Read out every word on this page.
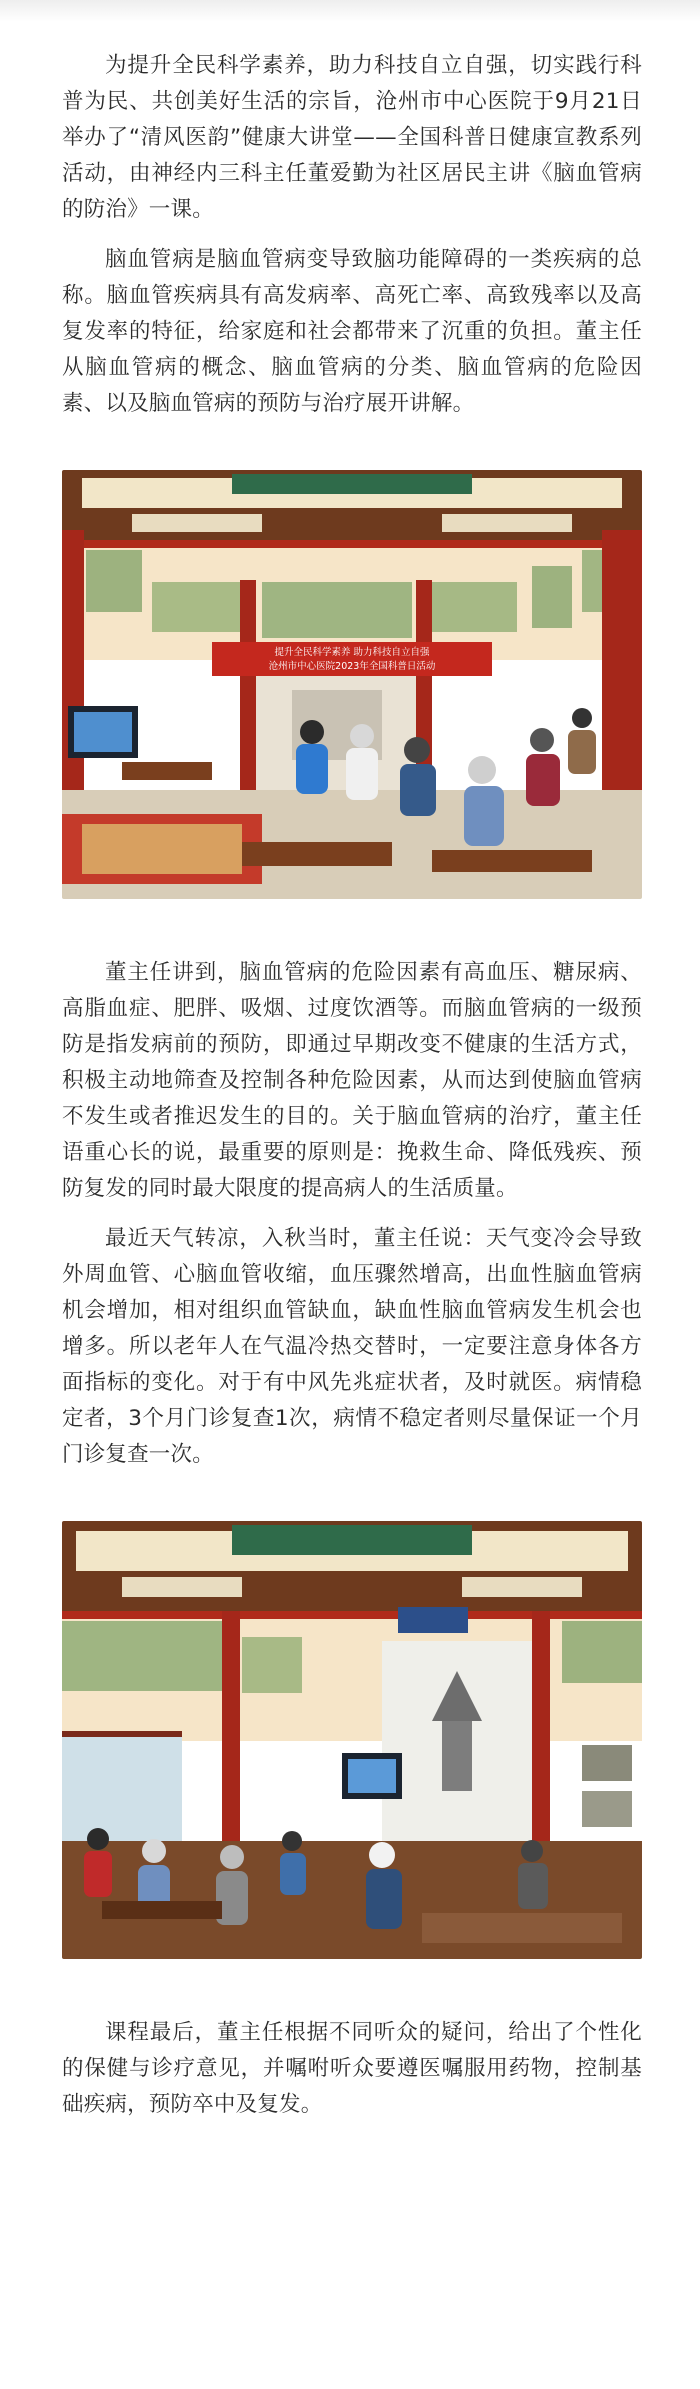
为提升全民科学素养，助力科技自立自强，切实践行科普为民、共创美好生活的宗旨，沧州市中心医院于9月21日举办了“清风医韵”健康大讲堂——全国科普日健康宣教系列活动，由神经内三科主任董爱勤为社区居民主讲《脑血管病的防治》一课。

脑血管病是脑血管病变导致脑功能障碍的一类疾病的总称。脑血管疾病具有高发病率、高死亡率、高致残率以及高复发率的特征，给家庭和社会都带来了沉重的负担。董主任从脑血管病的概念、脑血管病的分类、脑血管病的危险因素、以及脑血管病的预防与治疗展开讲解。

提升全民科学素养 助力科技自立自强
沧州市中心医院2023年全国科普日活动

董主任讲到，脑血管病的危险因素有高血压、糖尿病、高脂血症、肥胖、吸烟、过度饮酒等。而脑血管病的一级预防是指发病前的预防，即通过早期改变不健康的生活方式， 积极主动地筛查及控制各种危险因素，从而达到使脑血管病不发生或者推迟发生的目的。关于脑血管病的治疗，董主任语重心长的说，最重要的原则是：挽救生命、降低残疾、预防复发的同时最大限度的提高病人的生活质量。

最近天气转凉，入秋当时，董主任说：天气变冷会导致外周血管、心脑血管收缩，血压骤然增高，出血性脑血管病机会增加，相对组织血管缺血，缺血性脑血管病发生机会也增多。所以老年人在气温冷热交替时，一定要注意身体各方面指标的变化。对于有中风先兆症状者，及时就医。病情稳定者，3个月门诊复查1次，病情不稳定者则尽量保证一个月门诊复查一次。

课程最后，董主任根据不同听众的疑问，给出了个性化的保健与诊疗意见，并嘱咐听众要遵医嘱服用药物，控制基础疾病，预防卒中及复发。
